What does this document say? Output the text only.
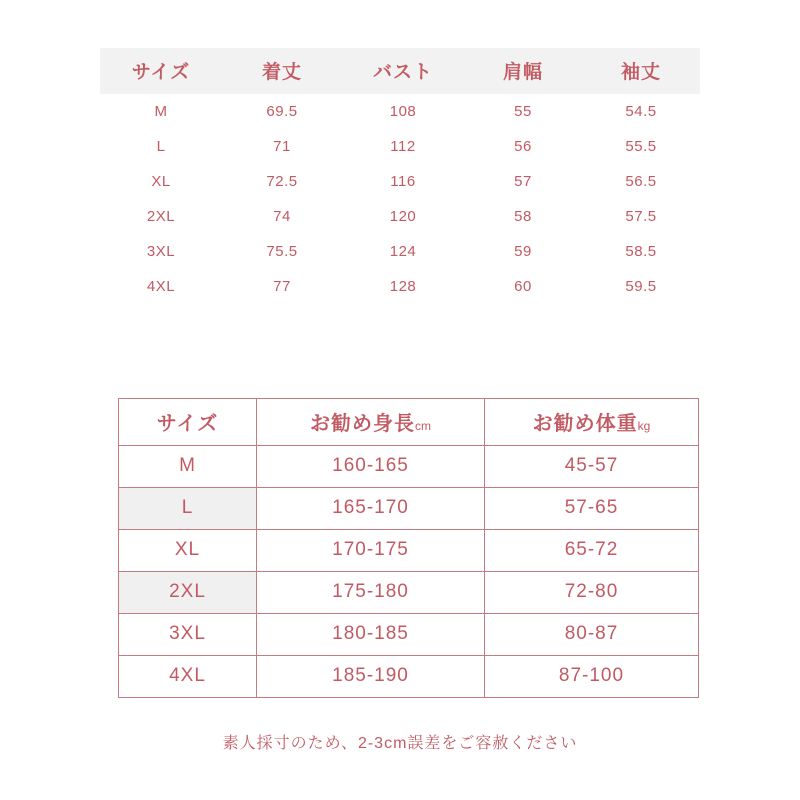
サイズ	着丈	バスト	肩幅	袖丈
M	69.5	108	55	54.5
L	71	112	56	55.5
XL	72.5	116	57	56.5
2XL	74	120	58	57.5
3XL	75.5	124	59	58.5
4XL	77	128	60	59.5
サイズ	お勧め身長cm	お勧め体重kg
M	160-165	45-57
L	165-170	57-65
XL	170-175	65-72
2XL	175-180	72-80
3XL	180-185	80-87
4XL	185-190	87-100
素人採寸のため、2-3cm誤差をご容赦ください
